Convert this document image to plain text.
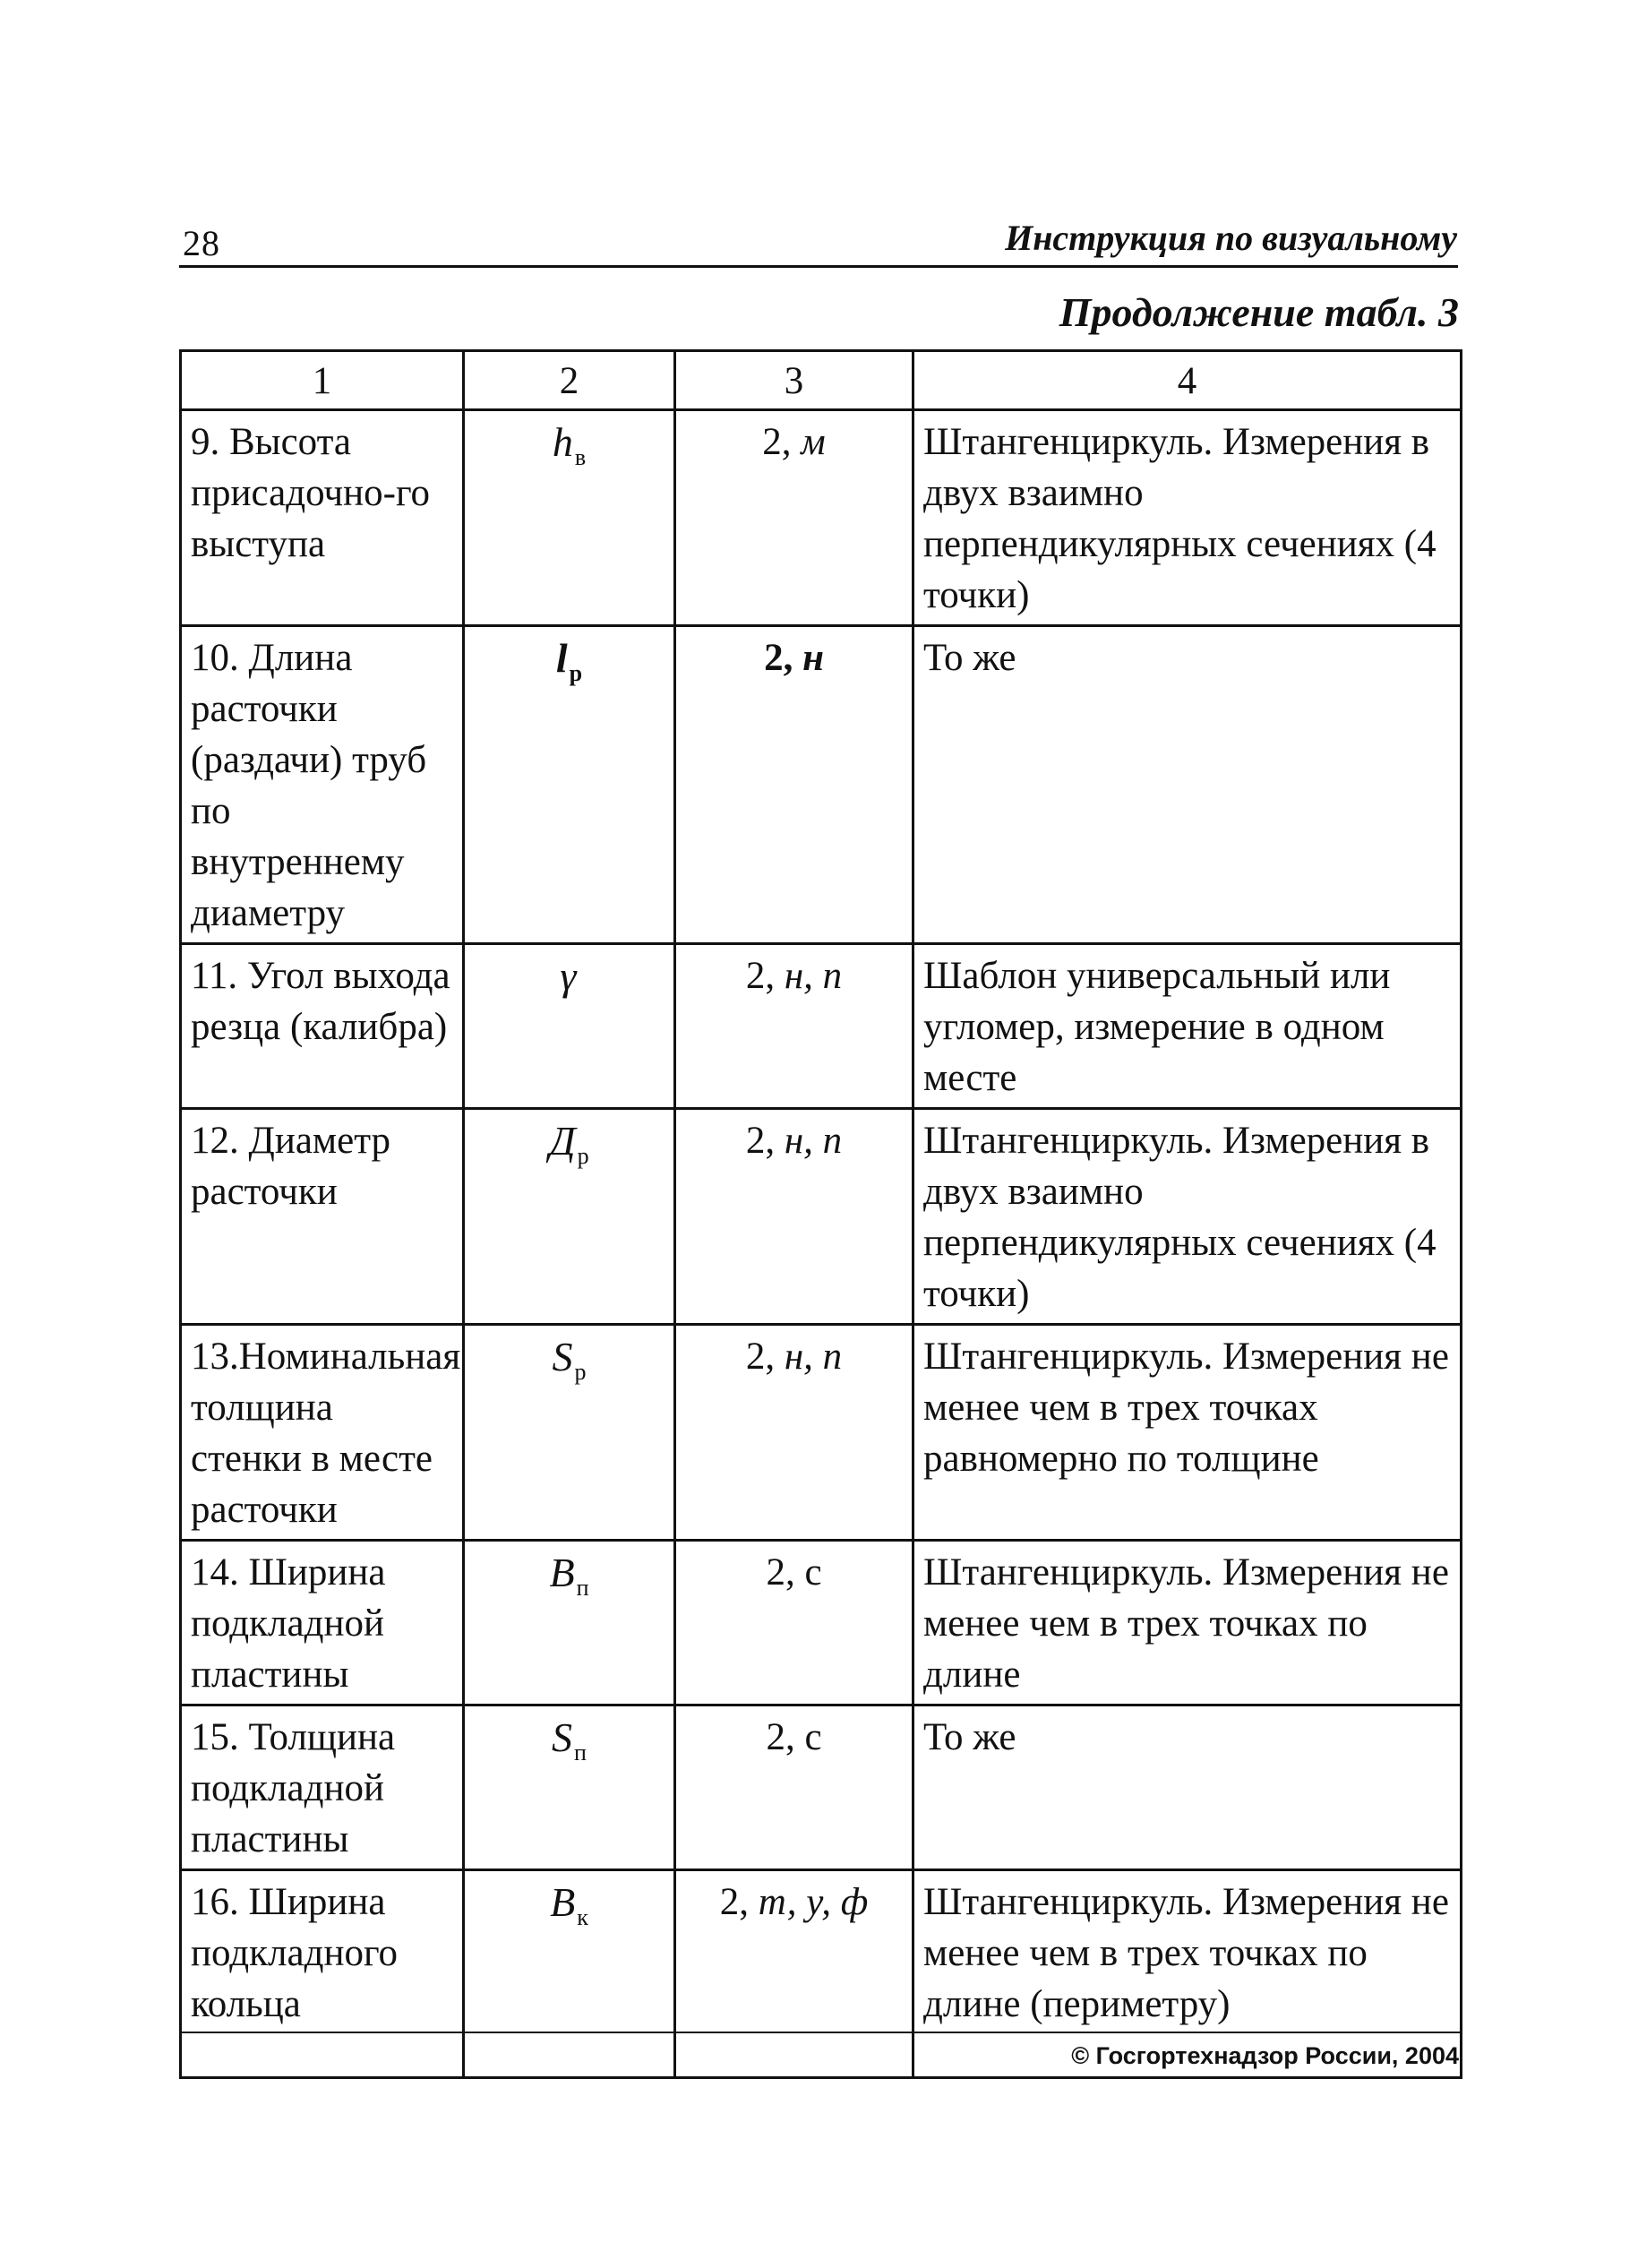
28	Инструкция по визуальному
Продолжение табл. 3
1	2	3	4
9. Высота присадочно-го выступа	$h_в$	2, м	Штангенциркуль. Измерения в двух взаимно перпендикулярных сечениях (4 точки)
10. Длина расточки (раздачи) труб по внутреннему диаметру	$l_р$	2, н	То же
11. Угол выхода резца (калибра)	γ	2, н, п	Шаблон универсальный или угломер, измерение в одном месте
12. Диаметр расточки	$Д_р$	2, н, п	Штангенциркуль. Измерения в двух взаимно перпендикулярных сечениях (4 точки)
13.Номинальная толщина стенки в месте расточки	$S_р$	2, н, п	Штангенциркуль. Измерения не менее чем в трех точках равномерно по толщине
14. Ширина подкладной пластины	$B_п$	2, с	Штангенциркуль. Измерения не менее чем в трех точках по длине
15. Толщина подкладной пластины	$S_п$	2, с	То же
16. Ширина подкладного кольца	$B_к$	2, т, у, ф	Штангенциркуль. Измерения не менее чем в трех точках по длине (периметру)
© Госгортехнадзор России, 2004
